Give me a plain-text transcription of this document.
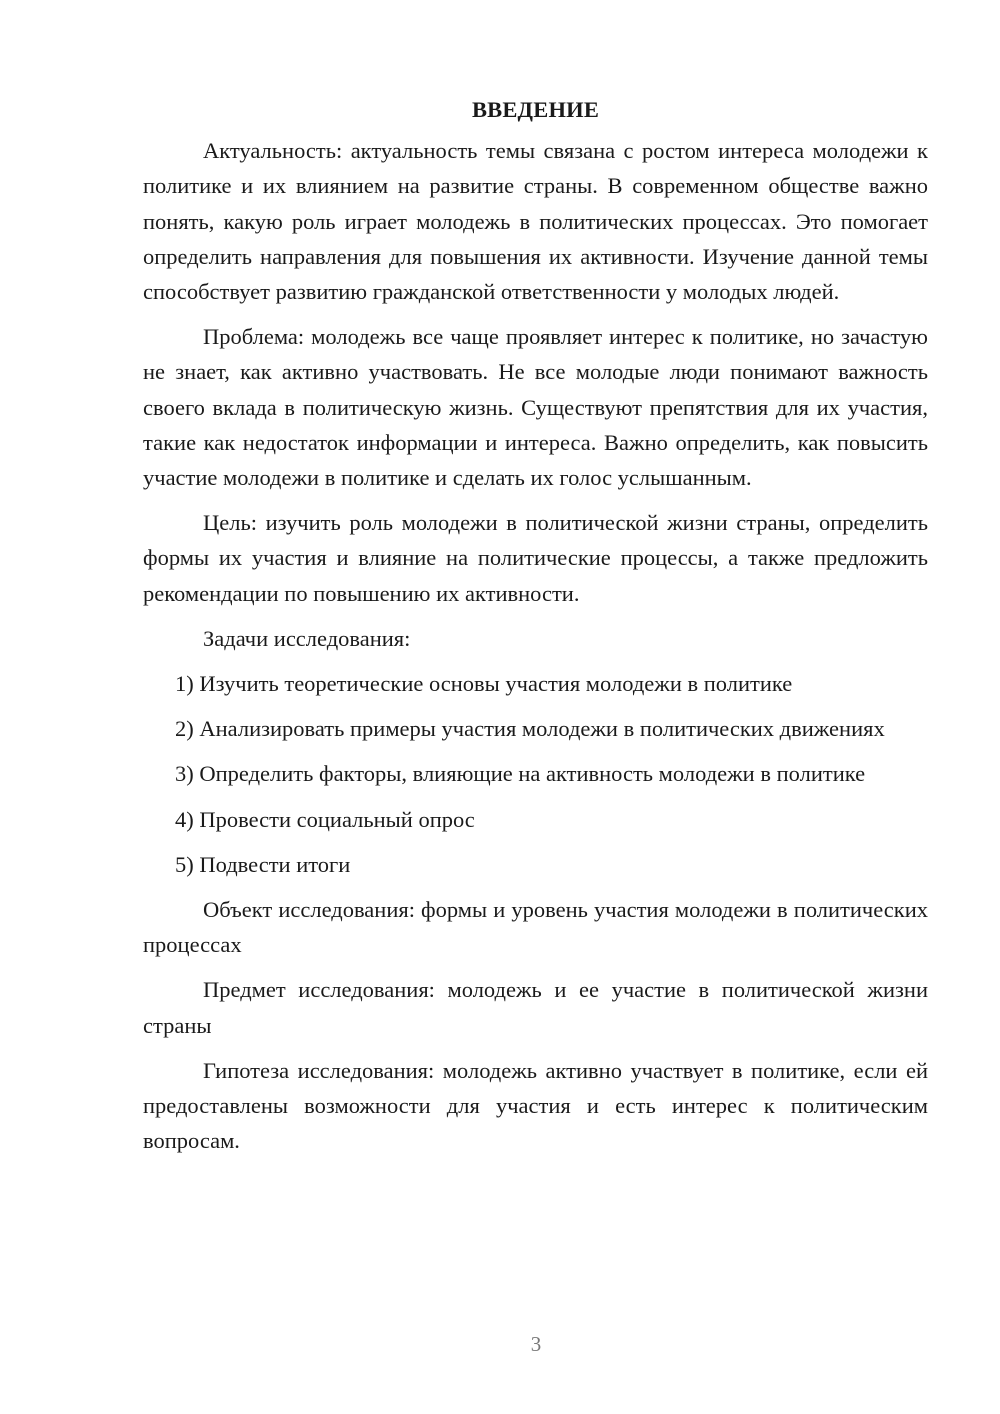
ВВЕДЕНИЕ

Актуальность: актуальность темы связана с ростом интереса молодежи к политике и их влиянием на развитие страны. В современном обществе важно понять, какую роль играет молодежь в политических процессах. Это помогает определить направления для повышения их активности. Изучение данной темы способствует развитию гражданской ответственности у молодых людей.

Проблема: молодежь все чаще проявляет интерес к политике, но зачастую не знает, как активно участвовать. Не все молодые люди понимают важность своего вклада в политическую жизнь. Существуют препятствия для их участия, такие как недостаток информации и интереса. Важно определить, как повысить участие молодежи в политике и сделать их голос услышанным.

Цель: изучить роль молодежи в политической жизни страны, определить формы их участия и влияние на политические процессы, а также предложить рекомендации по повышению их активности.

Задачи исследования:

1) Изучить теоретические основы участия молодежи в политике

2) Анализировать примеры участия молодежи в политических движениях

3) Определить факторы, влияющие на активность молодежи в политике

4) Провести социальный опрос

5) Подвести итоги

Объект исследования: формы и уровень участия молодежи в политических процессах

Предмет исследования: молодежь и ее участие в политической жизни страны

Гипотеза исследования: молодежь активно участвует в политике, если ей предоставлены возможности для участия и есть интерес к политическим вопросам.

3
